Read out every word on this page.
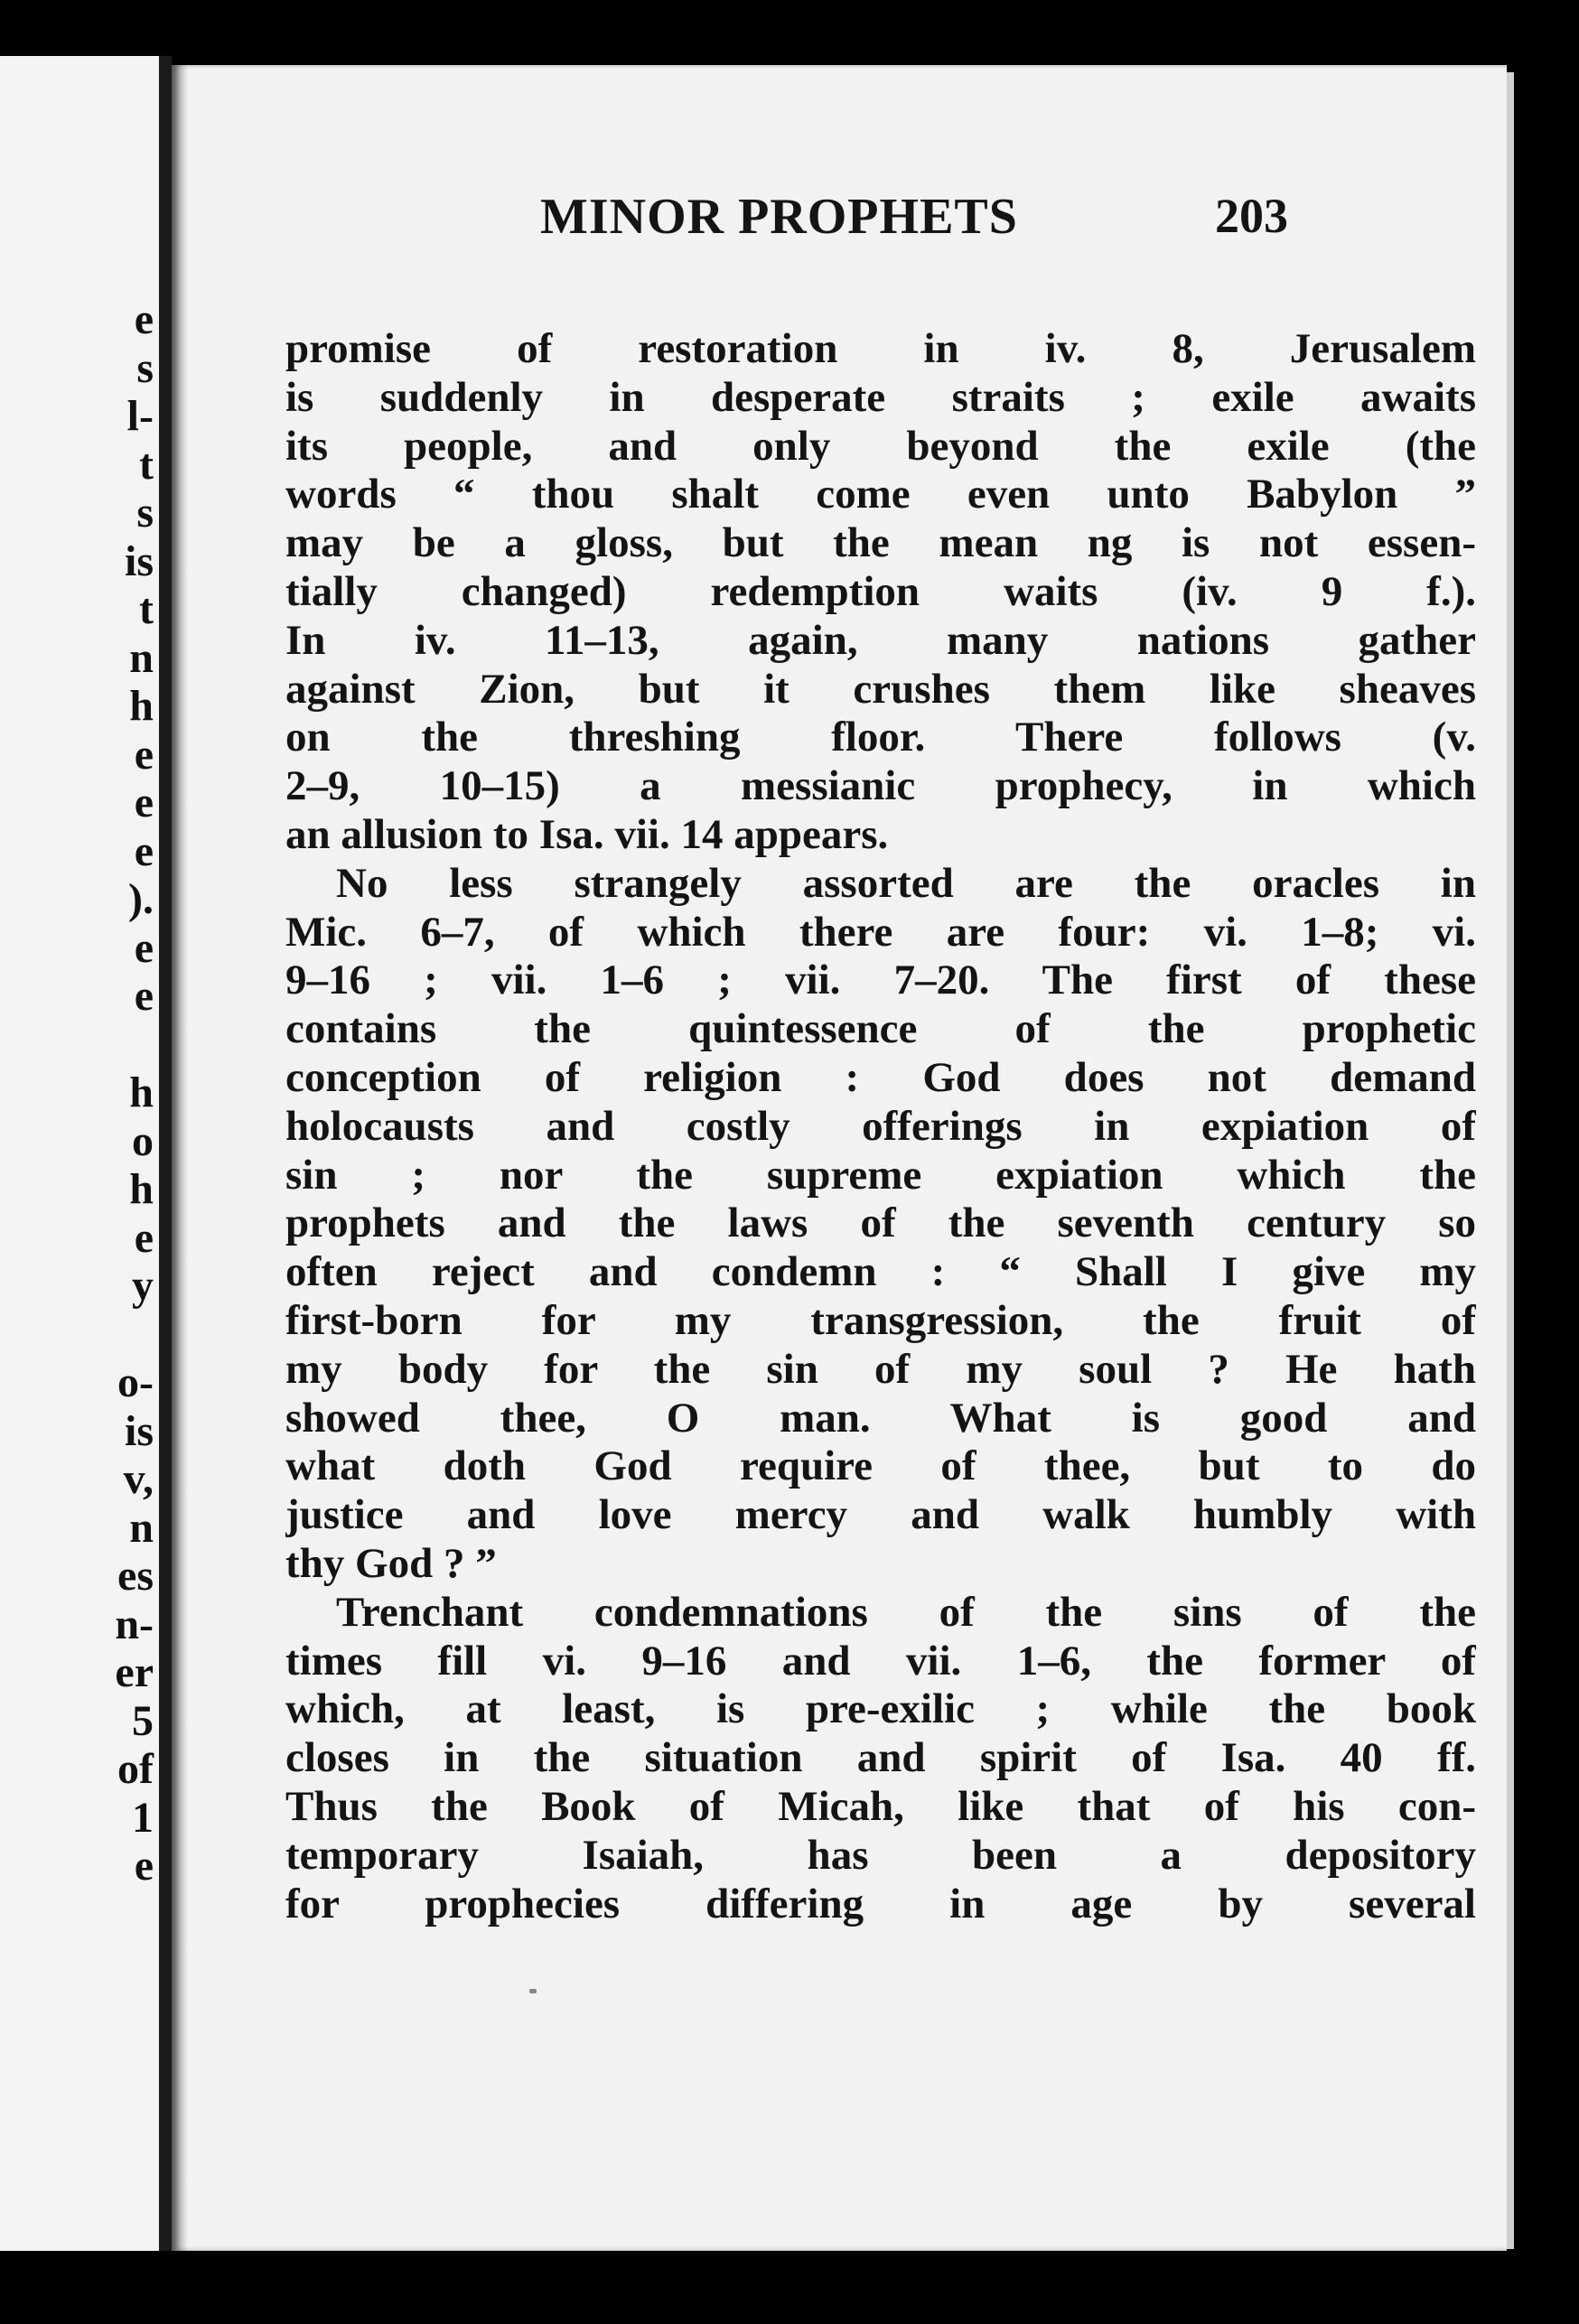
e
s
l-
t
s
is
t
n
h
e
e
e
).
e
e
h
o
h
e
y
o-
is
v,
n
es
n-
er
5
of
1
e
MINOR PROPHETS	203
promise of restoration in iv. 8, Jerusalem
is suddenly in desperate straits ; exile awaits
its people, and only beyond the exile (the
words “ thou shalt come even unto Babylon ”
may be a gloss, but the mean ng is not essen-
tially changed) redemption waits (iv. 9 f.).
In iv. 11–13, again, many nations gather
against Zion, but it crushes them like sheaves
on the threshing floor. There follows (v.
2–9, 10–15) a messianic prophecy, in which
an allusion to Isa. vii. 14 appears.
No less strangely assorted are the oracles in
Mic. 6–7, of which there are four: vi. 1–8; vi.
9–16 ; vii. 1–6 ; vii. 7–20. The first of these
contains the quintessence of the prophetic
conception of religion : God does not demand
holocausts and costly offerings in expiation of
sin ; nor the supreme expiation which the
prophets and the laws of the seventh century so
often reject and condemn : “ Shall I give my
first-born for my transgression, the fruit of
my body for the sin of my soul ? He hath
showed thee, O man. What is good and
what doth God require of thee, but to do
justice and love mercy and walk humbly with
thy God ? ”
Trenchant condemnations of the sins of the
times fill vi. 9–16 and vii. 1–6, the former of
which, at least, is pre-exilic ; while the book
closes in the situation and spirit of Isa. 40 ff.
Thus the Book of Micah, like that of his con-
temporary Isaiah, has been a depository
for prophecies differing in age by several
